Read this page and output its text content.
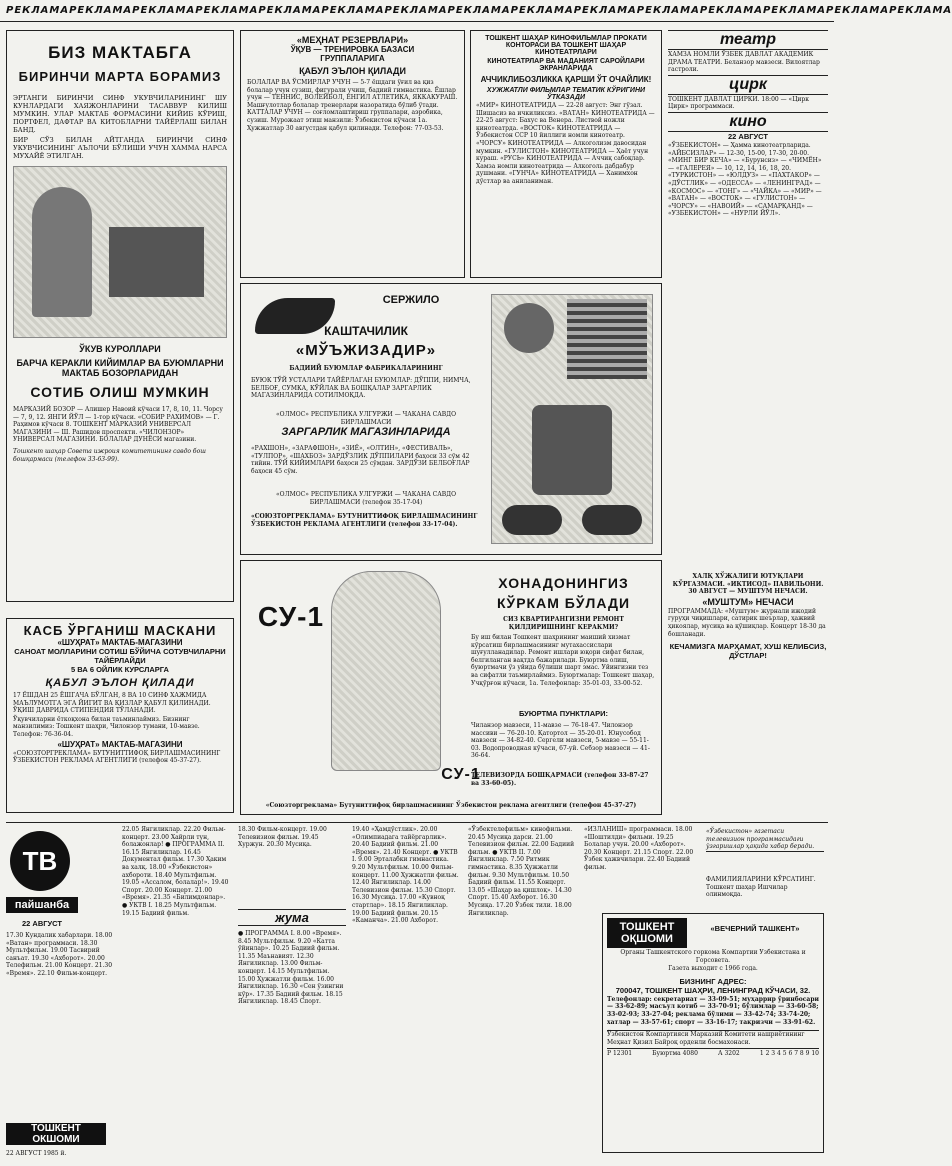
РЕКЛАМА РЕКЛАМА РЕКЛАМА РЕКЛАМА РЕКЛАМА РЕКЛАМА РЕКЛАМА РЕКЛАМА РЕКЛАМА РЕКЛАМА РЕКЛАМА РЕКЛАМА РЕКЛАМА РЕКЛАМА РЕКЛАМА
БИЗ МАКТАБГА
БИРИНЧИ МАРТА БОРАМИЗ
ЭРТАНГИ БИРИНЧИ СИНФ УКУВЧИЛАРИНИНГ ШУ КУНЛАРДАГИ ХАЯЖОНЛАРИНИ ТАСАВВУР КИЛИШ МУМКИН. УЛАР МАКТАБ ФОРМАСИНИ КИЙИБ КЎРИШ, ПОРТФЕЛ, ДАФТАР ВА КИТОБЛАРНИ ТАЙЁРЛАШ БИЛАН БАНД.
БИР СЎЗ БИЛАН АЙТГАНДА БИРИНЧИ СИНФ УКУВЧИСИНИНГ АЪЛОЧИ БЎЛИШИ УЧУН ХАММА НАРСА МУХАЙЁ ЭТИЛГАН.
ЎКУВ КУРОЛЛАРИ
БАРЧА КЕРАКЛИ КИЙИМЛАР ВА БУЮМЛАРНИ
МАКТАБ БОЗОРЛАРИДАН
СОТИБ ОЛИШ МУМКИН
МАРКАЗИЙ БОЗОР — Алишер Навоий кўчаси 17, 8, 10, 11. Чорсу — 7, 9, 12. ЯНГИ ЙЎЛ — 1-тор кўчаси. «СОБИР РАХИМОВ» — Г. Раҳимов кўчаси 8. ТОШКЕНТ МАРКАЗИЙ УНИВЕРСАЛ МАГАЗИНИ — Ш. Рашидов проспекти. «ЧИЛОНЗОР» УНИВЕРСАЛ МАГАЗИНИ. БОЛАЛАР ДУНЁСИ магазини.
Тошкент шаҳар Совета ижроия комитетининг савдо бош бошқармаси (телефон 33-63-99).
КАСБ ЎРГАНИШ МАСКАНИ
«ШУҲРАТ» МАКТАБ-МАГАЗИНИ
САНОАТ МОЛЛАРИНИ СОТИШ БЎЙИЧА СОТУВЧИЛАРНИ ТАЙЁРЛАЙДИ
5 ВА 6 ОЙЛИК КУРСЛАРГА
ҚАБУЛ ЭЪЛОН ҚИЛАДИ
17 ЁШДАН 25 ЁШГАЧА БЎЛГАН, 8 ВА 10 СИНФ ХАЖМИДА МАЪЛУМОТГА ЭГА ЙИГИТ ВА ҚИЗЛАР ҚАБУЛ ҚИЛИНАДИ. ЎҚИШ ДАВРИДА СТИПЕНДИЯ ТЎЛАНАДИ.
Ўқувчиларни ёткоқхона билан таъминлаймиз. Бизнинг манзилимиз: Тошкент шаҳри, Чилонзор тумани, 10-мавзе. Телефон: 76-36-04.
«ШУҲРАТ» МАКТАБ-МАГАЗИНИ
«СОЮЗТОРГРЕКЛАМА» БУТУНИТТИФОҚ БИРЛАШМАСИНИНГ ЎЗБЕКИСТОН РЕКЛАМА АГЕНТЛИГИ (телефон 45-37-27).
«МЕҲНАТ РЕЗЕРВЛАРИ»
ЎҚУВ — ТРЕНИРОВКА БАЗАСИ
ГРУППАЛАРИГА
ҚАБУЛ ЭЪЛОН ҚИЛАДИ
БОЛАЛАР ВА ЎСМИРЛАР УЧУН — 5-7 ёшдаги ўғил ва қиз болалар учун сузиш, фигурали учиш, бадиий гимнастика. Ёшлар учун — ТЕННИС, ВОЛЕЙБОЛ, ЕНГИЛ АТЛЕТИКА, ЯККАКУРАШ. Машғулотлар болалар тренерлари назоратида бўлиб ўтади. КАТТАЛАР УЧУН — соғломлаштириш группалари, аэробика, сузиш. Мурожаат этиш манзили: Ўзбекистон кўчаси 1а. Ҳужжатлар 30 августдан қабул қилинади. Телефон: 77-03-53.
ТОШКЕНТ ШАҲАР КИНОФИЛЬМЛАР ПРОКАТИ КОНТОРАСИ ВА ТОШКЕНТ ШАҲАР КИНОТЕАТРЛАРИ
КИНОТЕАТРЛАР ВА МАДАНИЯТ САРОЙЛАРИ ЭКРАНЛАРИДА
АЧЧИКЛИБОЗЛИККА ҚАРШИ ЎТ ОЧАЙЛИК!
ХУЖЖАТЛИ ФИЛЬМЛАР ТЕМАТИК КЎРИГИНИ ЎТКАЗАДИ
«МИР» КИНОТЕАТРИДА — 22-28 август: Энг гўзал. Шишасиз ва ичкиликсиз. «ВАТАН» КИНОТЕАТРИДА — 22-25 август: Бахус ва Венера. Листвой ножли кинотеатрда. «ВОСТОК» КИНОТЕАТРИДА — Ўзбекистон ССР 10 йиллиги номли кинотеатр. «ЧОРСУ» КИНОТЕАТРИДА — Алкоголизм давосидан мумкин. «ГУЛИСТОН» КИНОТЕАТРИДА — Ҳаёт учун кураш. «РУСЬ» КИНОТЕАТРИДА — Аччиқ сабоқлар. Хамза номли кинотеатрида — Алкоголь дабдабур душмани. «ГУНЧА» КИНОТЕАТРИДА — Ханимхон дўстлар ва аниланиман.
СЕРЖИЛО
КАШТАЧИЛИК
«МЎЪЖИЗАДИР»
БАДИИЙ БУЮМЛАР ФАБРИКАЛАРИНИНГ
БУЮК ТЎЙ УСТАЛАРИ ТАЙЁРЛАГАН БУЮМЛАР: ДЎППИ, НИМЧА, БЕЛБОҒ, СУМКА, КЎЙЛАК ВА БОШҚАЛАР ЗАРГАРЛИК МАГАЗИНЛАРИДА СОТИЛМОҚДА.
«ОЛМОС» РЕСПУБЛИКА УЛГУРЖИ — ЧАКАНА САВДО БИРЛАШМАСИ
ЗАРГАРЛИК МАГАЗИНЛАРИДА
«РАХШОН», «ЗАРАФШОН», «ЗИЁ», «ОЛТИН», «ФЕСТИВАЛЬ», «ТУЛПОР», «ШАХБОЗ» ЗАРДЎЗЛИК ДЎППИЛАРИ баҳоси 33 сўм 42 тийин. ТЎЙ КИЙИМЛАРИ баҳоси 25 сўмдан. ЗАРДЎЗИ БЕЛБОҒЛАР баҳоси 45 сўм.
«ОЛМОС» РЕСПУБЛИКА УЛГУРЖИ — ЧАКАНА САВДО БИРЛАШМАСИ (телефон 35-17-04)
«СОЮЗТОРГРЕКЛАМА» БУТУНИТТИФОҚ БИРЛАШМАСИНИНГ ЎЗБЕКИСТОН РЕКЛАМА АГЕНТЛИГИ (телефон 33-17-04).
СУ-1
СУ-1
ХОНАДОНИНГИЗ
КЎРКАМ БЎЛАДИ
СИЗ КВАРТИРАНГИЗНИ РЕМОНТ ҚИЛДИРИШНИНГ КЕРАКМИ?
Бу иш билан Тошкент шаҳрининг маиший хизмат кўрсатиш бирлашмасининг мутахассислари шуғулланадилар. Ремонт ишлари юқори сифат билан, белгиланган вақтда бажарилади. Буюртма олиш, буюртмачи ўз уйида бўлиши шарт эмас. Уйингизни тез ва сифатли таъмирлаймиз. Буюртмалар: Тошкент шаҳар, Учқўрғон кўчаси, 1а. Телефонлар: 35-01-03, 33-00-52.
БУЮРТМА ПУНКТЛАРИ:
Чиланзор мавзеси, 11-мавзе — 76-18-47. Чилонзор массиви — 76-20-10. Қатортол — 35-20-01. Юнусобод мавзеси — 34-82-40. Сергели мавзеси, 5-мавзе — 55-11-03. Водопроводная кўчаси, 67-уй. Себзор мавзеси — 41-36-64.
ТЕЛЕВИЗОРДА БОШҚАРМАСИ (телефон 33-87-27 ва 33-60-05).
«Союзторгреклама» Бутуниттифоқ бирлашмасининг Ўзбекистон реклама агентлиги (телефон 45-37-27)
театр
ХАМЗА НОМЛИ ЎЗБЕК ДАВЛАТ АКАДЕМИК ДРАМА ТЕАТРИ. Беланзор мавзеси. Вилоятлар гастроли.
цирк
ТОШКЕНТ ДАВЛАТ ЦИРКИ. 18:00 — «Цирк Цирк» программаси.
кино
22 АВГУСТ
«ЎЗБЕКИСТОН» — Ҳамма кинотеатрларида. «АЙБСИЗЛАР» — 12-30, 15-00, 17-30, 20-00. «МИНГ БИР КЕЧА» — «Бурунсиз» — «ЧИМЁН» — «ГАЛЕРЕЯ» — 10, 12, 14, 16, 18, 20. «ТУРКИСТОН» — «ЮЛДУЗ» — «ПАХТАКОР» — «ДЎСТЛИК» — «ОДЕССА» — «ЛЕНИНГРАД» — «КОСМОС» — «ТОНГ» — «ЧАЙКА» — «МИР» — «ВАТАН» — «ВОСТОК» — «ГУЛИСТОН» — «ЧОРСУ» — «НАВОИЙ» — «САМАРҚАНД» — «УЗБЕКИСТОН» — «НУРЛИ ЙЎЛ».
ХАЛҚ ХЎЖАЛИГИ ЮТУҚЛАРИ КЎРГАЗМАСИ. «ИКТИСОД» ПАВИЛЬОНИ. 30 АВГУСТ — МУШТУМ НЕЧАСИ.
«МУШТУМ» НЕЧАСИ
ПРОГРАММАДА: «Муштум» журнали ижодий гуруҳи чиқишлари, сатирик шеърлар, ҳажвий ҳикоялар, мусиқа ва қўшиқлар. Концерт 18-30 да бошланади.
КЕЧАМИЗГА МАРҲАМАТ, ХУШ КЕЛИБСИЗ, ДЎСТЛАР!
ТВ
пайшанба
22 АВГУСТ
17.30 Кундалик хабарлари. 18.00 «Ватан» программаси. 18.30 Мультфильм. 19.00 Тасвирий санъат. 19.30 «Ахборот». 20.00 Телефильм. 21.00 Концерт. 21.30 «Время». 22.10 Фильм-концерт.
ТОШКЕНТ
ОКШОМИ
22 АВГУСТ 1985 й.
22.05 Янгиликлар. 22.20 Фильм-концерт. 23.00 Хайрли тун, болажонлар! ● ПРОГРАММА II. 16.15 Янгиликлар. 16.45 Документал фильм. 17.30 Ҳаким ва халқ. 18.00 «Ўзбекистон» ахбороти. 18.40 Мультфильм. 19.05 «Ассалом, болалар!». 19.40 Спорт. 20.00 Концерт. 21.00 «Время». 21.35 «Билимдонлар». ● УКТВ I. 18.25 Мультфильм. 19.15 Бадиий фильм.
18.30 Фильм-концерт. 19.00 Телевизион фильм. 19.45 Хуржун. 20.30 Мусиқа.
жума
● ПРОГРАММА I. 8.00 «Время». 8.45 Мультфильм. 9.20 «Катта ўйинлар». 10.25 Бадиий фильм. 11.35 Маънавият. 12.30 Янгиликлар. 13.00 Фильм-концерт. 14.15 Мультфильм. 15.00 Ҳужжатли фильм. 16.00 Янгиликлар. 16.30 «Сен ўзингни кўр». 17.35 Бадиий фильм. 18.15 Янгиликлар. 18.45 Спорт.
19.40 «Ҳамдўстлик». 20.00 «Олимпиадага тайёргарлик». 20.40 Бадиий фильм. 21.00 «Время». 21.40 Концерт. ● УКТВ I. 9.00 Эрталабки гимнастика. 9.20 Мультфильм. 10.00 Фильм-концерт. 11.00 Ҳужжатли фильм. 12.40 Янгиликлар. 14.00 Телевизион фильм. 15.30 Спорт. 16.30 Мусиқа. 17.00 «Кувноқ стартлар». 18.15 Янгиликлар. 19.00 Бадиий фильм. 20.15 «Каманча». 21.00 Ахборот.
«Ўзбектелефильм» кинофильми. 20.45 Мусиқа дарси. 21.00 Телевизион фильм. 22.00 Бадиий фильм. ● УКТВ II. 7.00 Янгиликлар. 7.50 Ритмик гимнастика. 8.35 Ҳужжатли фильм. 9.30 Мультфильм. 10.50 Бадиий фильм. 11.55 Концерт. 13.05 «Шаҳар ва қишлоқ». 14.30 Спорт. 15.40 Ахборот. 16.30 Мусиқа. 17.20 Ўзбек тили. 18.00 Янгиликлар.
«ИЗЛАНИШ» программаси. 18.00 «Шоштилди» фильми. 19.25 Болалар учун. 20.00 «Ахборот». 20.30 Концерт. 21.15 Спорт. 22.00 Ўзбек ҳажвчилари. 22.40 Бадиий фильм.
«Ўзбекистон» газетаси телевизион программасидаги ўзгаришлар ҳақида хабар беради.
ФАМИЛИЯЛАРИНИ КЎРСАТИНГ. Тошкент шаҳар Ишчилар олинмоқда.
ТОШКЕНТ
ОҚШОМИ
«ВЕЧЕРНИЙ ТАШКЕНТ»
Органы Ташкентского горкома Компартии Узбекистана и Горсовета.
Газета выходит с 1966 года.
БИЗНИНГ АДРЕС:
700047, ТОШКЕНТ ШАҲРИ, ЛЕНИНГРАД КЎЧАСИ, 32.
Телефонлар: секретариат — 33-09-51; муҳаррир ўринбосари — 33-62-89; масъул котиб — 33-70-91; бўлимлар — 33-60-58; 33-02-93; 33-27-04; реклама бўлими — 33-42-74; 33-74-20; хатлар — 33-57-61; спорт — 33-16-17; тақризчи — 33-91-62.
Ўзбекистон Компартияси Марказий Комитети нашриётининг Меҳнат Қизил Байроқ орденли босмахонаси.
Р 12301	Буюртма 4080	А 3202	1 2 3 4 5 6 7 8 9 10
